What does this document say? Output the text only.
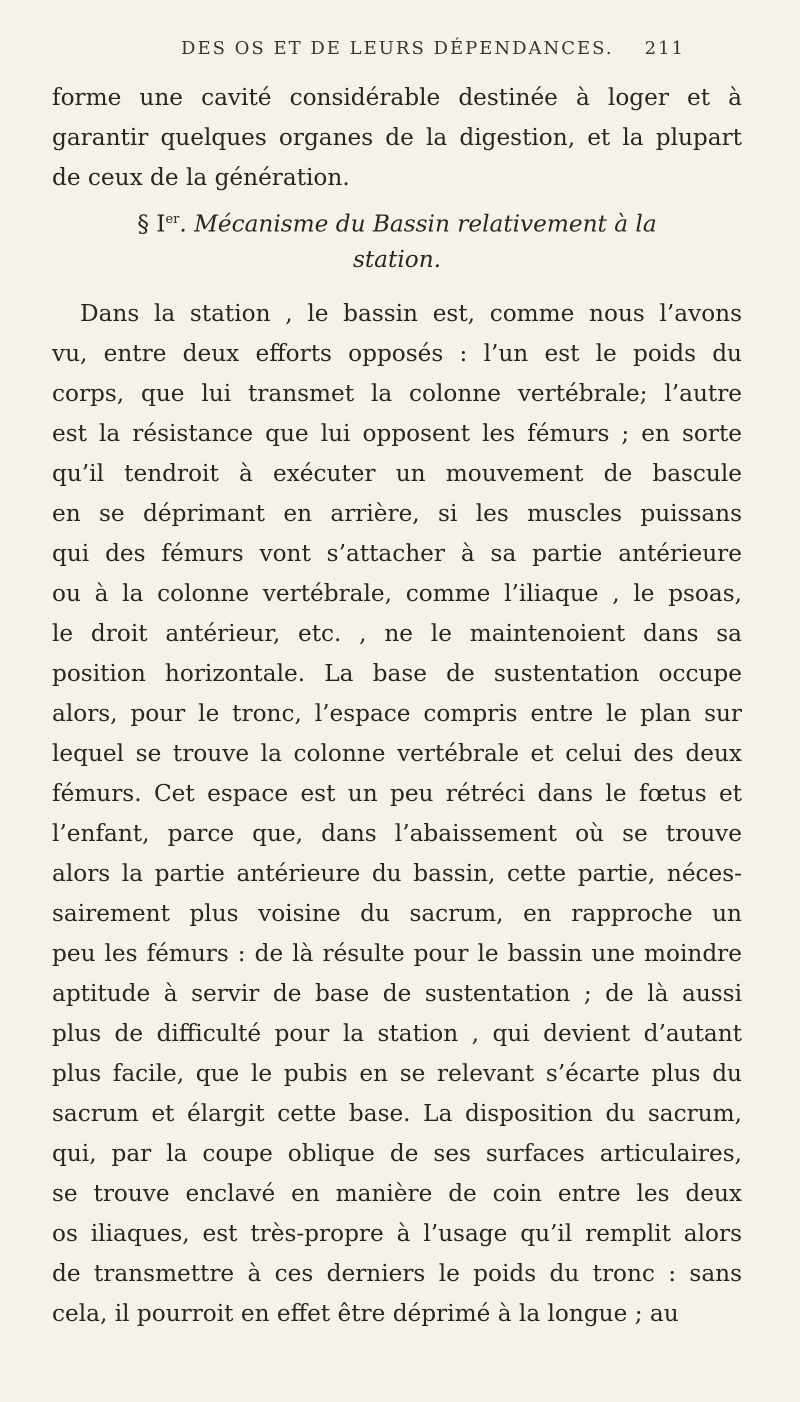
DES OS ET DE LEURS DÉPENDANCES.	211
forme une cavité considérable destinée à loger et à
garantir quelques organes de la digestion, et la plupart
de ceux de la génération.
§ Ier. Mécanisme du Bassin relativement à la
station.
Dans la station , le bassin est, comme nous l’avons
vu, entre deux efforts opposés : l’un est le poids du
corps, que lui transmet la colonne vertébrale; l’autre
est la résistance que lui opposent les fémurs ; en sorte
qu’il tendroit à exécuter un mouvement de bascule
en se déprimant en arrière, si les muscles puissans
qui des fémurs vont s’attacher à sa partie antérieure
ou à la colonne vertébrale, comme l’iliaque , le psoas,
le droit antérieur, etc. , ne le maintenoient dans sa
position horizontale. La base de sustentation occupe
alors, pour le tronc, l’espace compris entre le plan sur
lequel se trouve la colonne vertébrale et celui des deux
fémurs. Cet espace est un peu rétréci dans le fœtus et
l’enfant, parce que, dans l’abaissement où se trouve
alors la partie antérieure du bassin, cette partie, néces-
sairement plus voisine du sacrum, en rapproche un
peu les fémurs : de là résulte pour le bassin une moindre
aptitude à servir de base de sustentation ; de là aussi
plus de difficulté pour la station , qui devient d’autant
plus facile, que le pubis en se relevant s’écarte plus du
sacrum et élargit cette base. La disposition du sacrum,
qui, par la coupe oblique de ses surfaces articulaires,
se trouve enclavé en manière de coin entre les deux
os iliaques, est très-propre à l’usage qu’il remplit alors
de transmettre à ces derniers le poids du tronc : sans
cela, il pourroit en effet être déprimé à la longue ; au
